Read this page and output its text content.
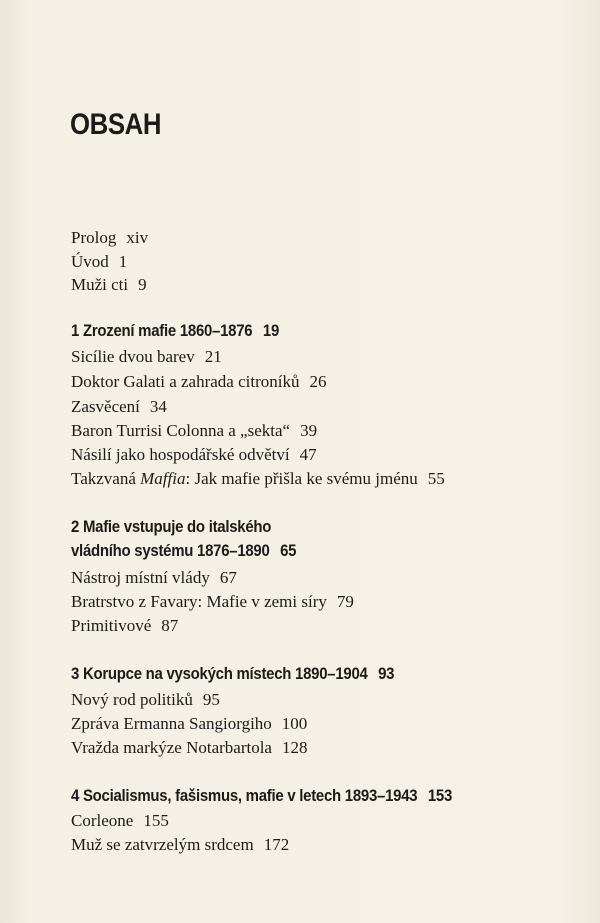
OBSAH
Prolog xiv
Úvod 1
Muži cti 9
1 Zrození mafie 1860–1876 19
Sicílie dvou barev 21
Doktor Galati a zahrada citroníků 26
Zasvěcení 34
Baron Turrisi Colonna a „sekta“ 39
Násilí jako hospodářské odvětví 47
Takzvaná Maffia: Jak mafie přišla ke svému jménu 55
2 Mafie vstupuje do italského
vládního systému 1876–1890 65
Nástroj místní vlády 67
Bratrstvo z Favary: Mafie v zemi síry 79
Primitivové 87
3 Korupce na vysokých místech 1890–1904 93
Nový rod politiků 95
Zpráva Ermanna Sangiorgiho 100
Vražda markýze Notarbartola 128
4 Socialismus, fašismus, mafie v letech 1893–1943 153
Corleone 155
Muž se zatvrzelým srdcem 172
